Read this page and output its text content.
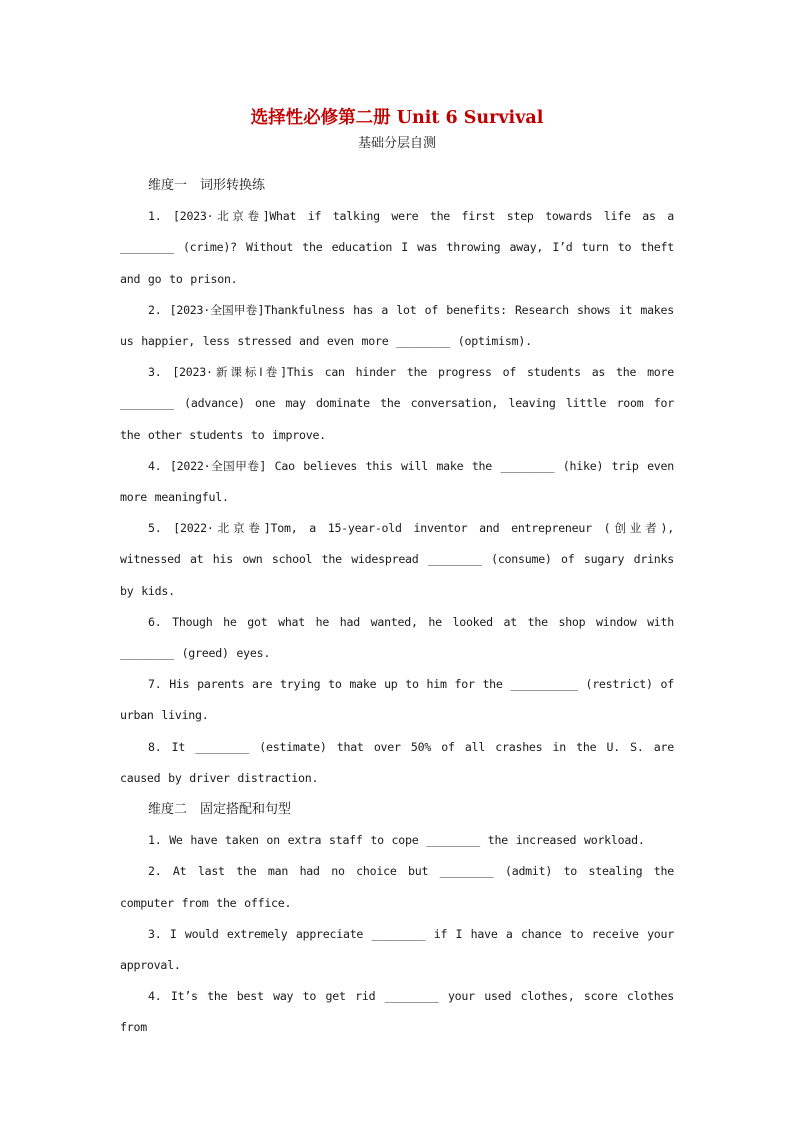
选择性必修第二册 Unit 6 Survival

基础分层自测

维度一　词形转换练

1. [2023·北京卷]What if talking were the first step towards life as a ________ (crime)? Without the education I was throwing away, I’d turn to theft and go to prison.

2. [2023·全国甲卷]Thankfulness has a lot of benefits: Research shows it makes us happier, less stressed and even more ________ (optimism).

3. [2023·新课标Ⅰ卷]This can hinder the progress of students as the more ________ (advance) one may dominate the conversation, leaving little room for the other students to improve.

4. [2022·全国甲卷] Cao believes this will make the ________ (hike) trip even more meaningful.

5. [2022·北京卷]Tom, a 15-year-old inventor and entrepreneur (创业者), witnessed at his own school the widespread ________ (consume) of sugary drinks by kids.

6. Though he got what he had wanted, he looked at the shop window with ________ (greed) eyes.

7. His parents are trying to make up to him for the __________ (restrict) of urban living.

8. It ________ (estimate) that over 50% of all crashes in the U. S. are caused by driver distraction.

维度二　固定搭配和句型

1. We have taken on extra staff to cope ________ the increased workload.

2. At last the man had no choice but ________ (admit) to stealing the computer from the office.

3. I would extremely appreciate ________ if I have a chance to receive your approval.

4. It’s the best way to get rid ________ your used clothes, score clothes from
